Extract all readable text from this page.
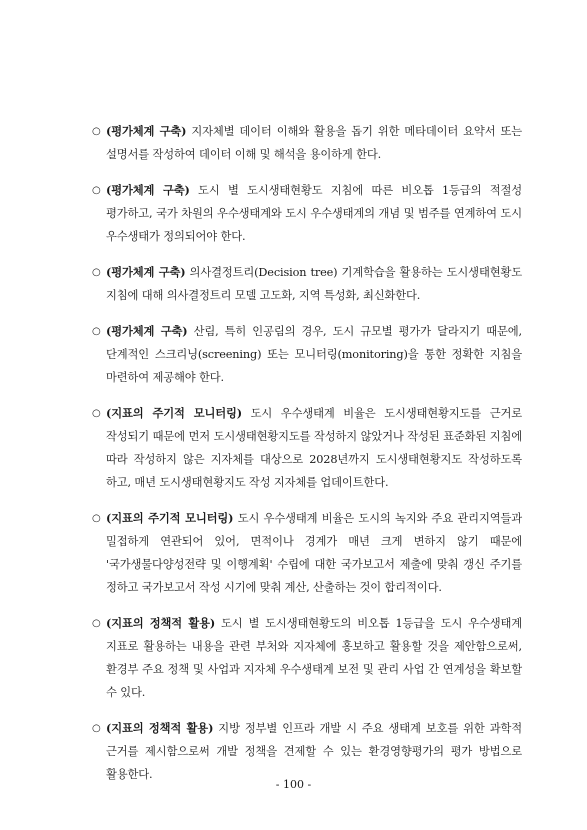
○ (평가체계 구축) 지자체별 데이터 이해와 활용을 돕기 위한 메타데이터 요약서 또는 설명서를 작성하여 데이터 이해 및 해석을 용이하게 한다.
○ (평가체계 구축) 도시 별 도시생태현황도 지침에 따른 비오톱 1등급의 적절성 평가하고, 국가 차원의 우수생태계와 도시 우수생태계의 개념 및 범주를 연계하여 도시 우수생태가 정의되어야 한다.
○ (평가체계 구축) 의사결정트리(Decision tree) 기계학습을 활용하는 도시생태현황도 지침에 대해 의사결정트리 모델 고도화, 지역 특성화, 최신화한다.
○ (평가체계 구축) 산림, 특히 인공림의 경우, 도시 규모별 평가가 달라지기 때문에, 단계적인 스크리닝(screening) 또는 모니터링(monitoring)을 통한 정확한 지침을 마련하여 제공해야 한다.
○ (지표의 주기적 모니터링) 도시 우수생태계 비율은 도시생태현황지도를 근거로 작성되기 때문에 먼저 도시생태현황지도를 작성하지 않았거나 작성된 표준화된 지침에 따라 작성하지 않은 지자체를 대상으로 2028년까지 도시생태현황지도 작성하도록 하고, 매년 도시생태현황지도 작성 지자체를 업데이트한다.
○ (지표의 주기적 모니터링) 도시 우수생태계 비율은 도시의 녹지와 주요 관리지역들과 밀접하게 연관되어 있어, 면적이나 경계가 매년 크게 변하지 않기 때문에 '국가생물다양성전략 및 이행계획' 수립에 대한 국가보고서 제출에 맞춰 갱신 주기를 정하고 국가보고서 작성 시기에 맞춰 계산, 산출하는 것이 합리적이다.
○ (지표의 정책적 활용) 도시 별 도시생태현황도의 비오톱 1등급을 도시 우수생태계 지표로 활용하는 내용을 관련 부처와 지자체에 홍보하고 활용할 것을 제안함으로써, 환경부 주요 정책 및 사업과 지자체 우수생태계 보전 및 관리 사업 간 연계성을 확보할 수 있다.
○ (지표의 정책적 활용) 지방 정부별 인프라 개발 시 주요 생태계 보호를 위한 과학적 근거를 제시함으로써 개발 정책을 견제할 수 있는 환경영향평가의 평가 방법으로 활용한다.
- 100 -
